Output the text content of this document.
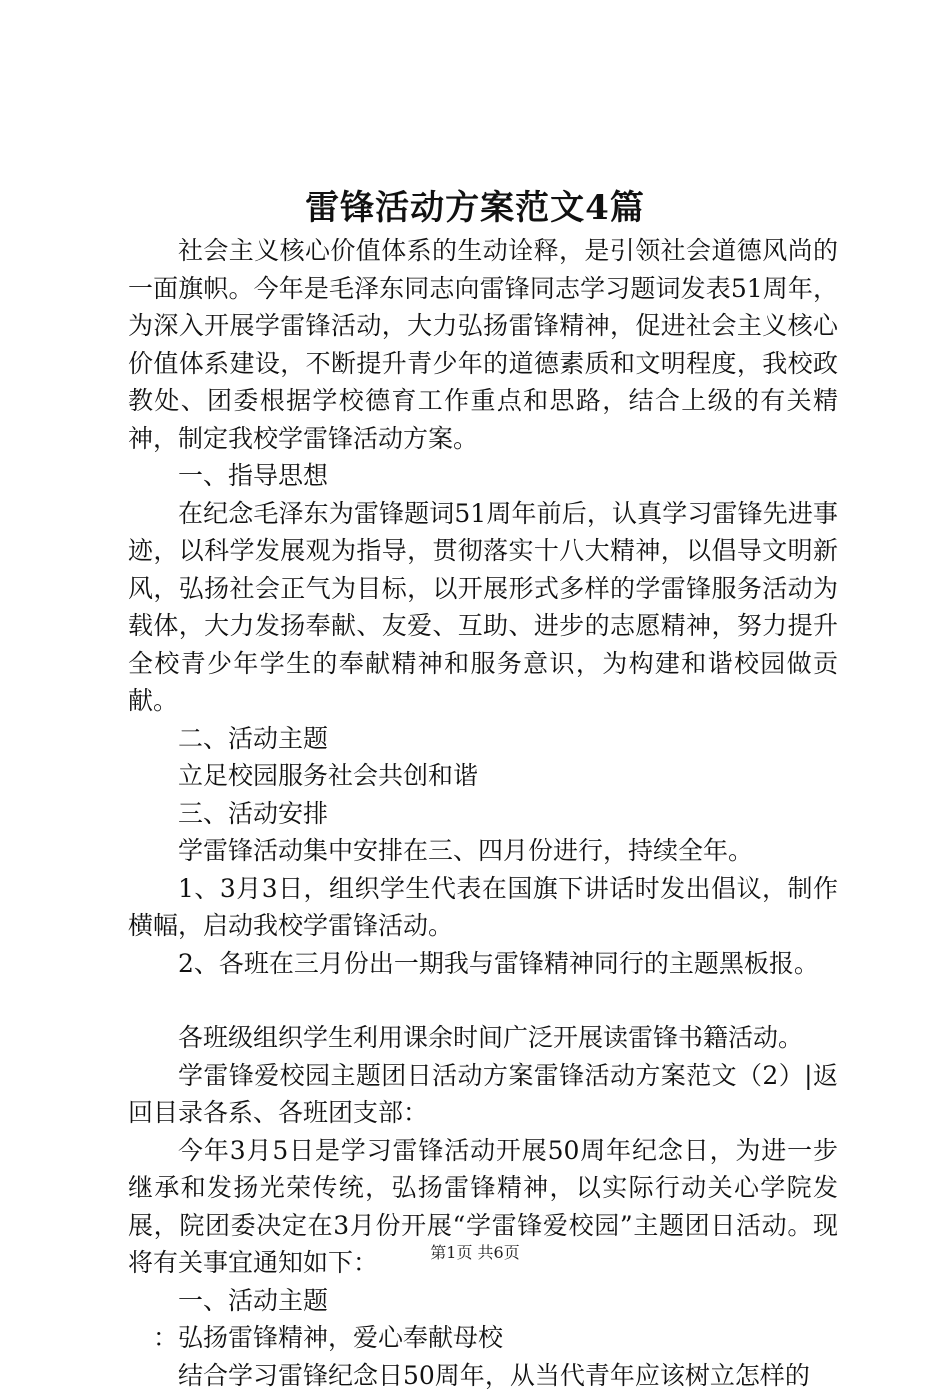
雷锋活动方案范文4篇

社会主义核心价值体系的生动诠释，是引领社会道德风尚的一面旗帜。今年是毛泽东同志向雷锋同志学习题词发表51周年，为深入开展学雷锋活动，大力弘扬雷锋精神，促进社会主义核心价值体系建设，不断提升青少年的道德素质和文明程度，我校政教处、团委根据学校德育工作重点和思路，结合上级的有关精神，制定我校学雷锋活动方案。

一、指导思想

在纪念毛泽东为雷锋题词51周年前后，认真学习雷锋先进事迹，以科学发展观为指导，贯彻落实十八大精神，以倡导文明新风，弘扬社会正气为目标，以开展形式多样的学雷锋服务活动为载体，大力发扬奉献、友爱、互助、进步的志愿精神，努力提升全校青少年学生的奉献精神和服务意识，为构建和谐校园做贡献。

二、活动主题

立足校园服务社会共创和谐

三、活动安排

学雷锋活动集中安排在三、四月份进行，持续全年。

1、3月3日，组织学生代表在国旗下讲话时发出倡议，制作横幅，启动我校学雷锋活动。

2、各班在三月份出一期我与雷锋精神同行的主题黑板报。

各班级组织学生利用课余时间广泛开展读雷锋书籍活动。

学雷锋爱校园主题团日活动方案雷锋活动方案范文（2）|返回目录各系、各班团支部：

今年3月5日是学习雷锋活动开展50周年纪念日，为进一步继承和发扬光荣传统，弘扬雷锋精神，以实际行动关心学院发展，院团委决定在3月份开展“学雷锋爱校园”主题团日活动。现将有关事宜通知如下：

一、活动主题

：弘扬雷锋精神，爱心奉献母校

结合学习雷锋纪念日50周年，从当代青年应该树立怎样的

第1页 共6页
